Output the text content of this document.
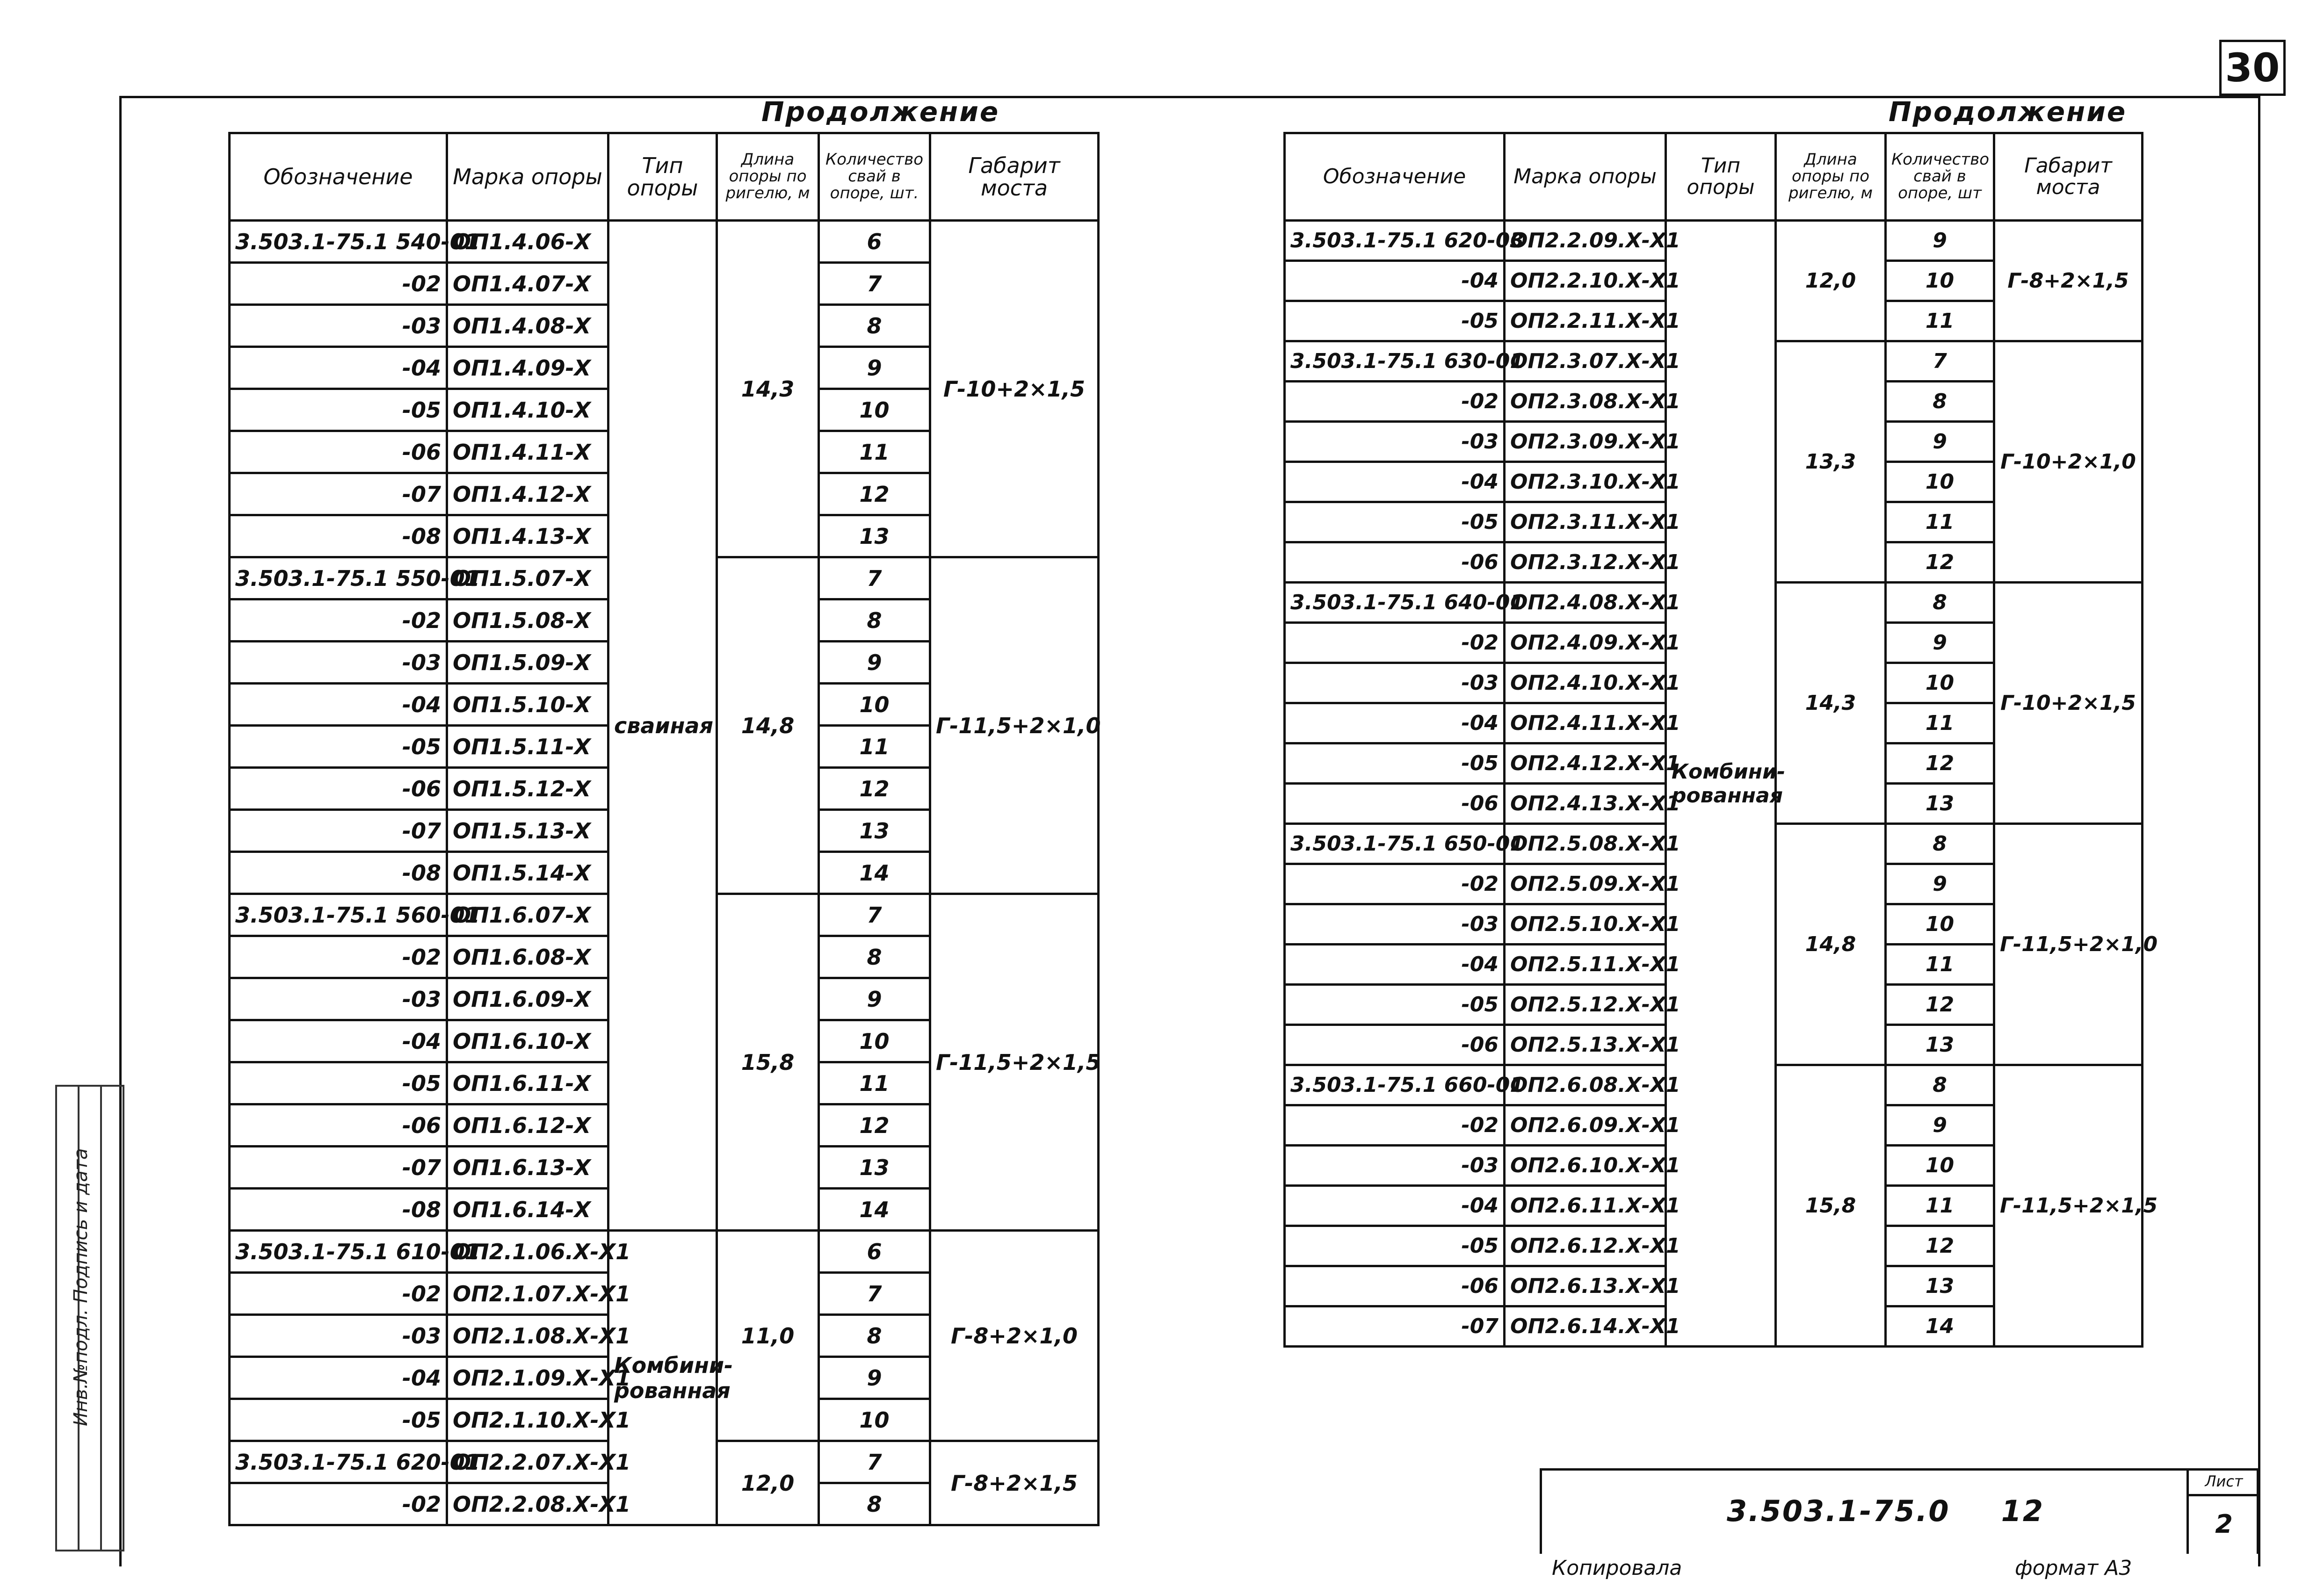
30
Инв.№подл. Подпись и дата
Продолжение
Обозначение	Марка опоры	Тип опоры	Длина опоры по ригелю, м	Количество свай в опоре, шт.	Габарит моста
3.503.1-75.1 540-01	ОП1.4.06-Х	сваиная	14,3	6	Г-10+2×1,5
-02	ОП1.4.07-Х			7	
-03	ОП1.4.08-Х			8	
-04	ОП1.4.09-Х			9	
-05	ОП1.4.10-Х			10	
-06	ОП1.4.11-Х			11	
-07	ОП1.4.12-Х			12	
-08	ОП1.4.13-Х			13	
3.503.1-75.1 550-01	ОП1.5.07-Х		14,8	7	Г-11,5+2×1,0
-02	ОП1.5.08-Х			8	
-03	ОП1.5.09-Х			9	
-04	ОП1.5.10-Х			10	
-05	ОП1.5.11-Х			11	
-06	ОП1.5.12-Х			12	
-07	ОП1.5.13-Х			13	
-08	ОП1.5.14-Х			14	
3.503.1-75.1 560-01	ОП1.6.07-Х		15,8	7	Г-11,5+2×1,5
-02	ОП1.6.08-Х			8	
-03	ОП1.6.09-Х			9	
-04	ОП1.6.10-Х			10	
-05	ОП1.6.11-Х			11	
-06	ОП1.6.12-Х			12	
-07	ОП1.6.13-Х			13	
-08	ОП1.6.14-Х			14	
3.503.1-75.1 610-01	ОП2.1.06.Х-Х1	Комбини-рованная	11,0	6	Г-8+2×1,0
-02	ОП2.1.07.Х-Х1			7	
-03	ОП2.1.08.Х-Х1			8	
-04	ОП2.1.09.Х-Х1			9	
-05	ОП2.1.10.Х-Х1			10	
3.503.1-75.1 620-01	ОП2.2.07.Х-Х1		12,0	7	Г-8+2×1,5
-02	ОП2.2.08.Х-Х1			8	
Продолжение
Обозначение	Марка опоры	Тип опоры	Длина опоры по ригелю, м	Количество свай в опоре, шт	Габарит моста
3.503.1-75.1 620-03	ОП2.2.09.Х-Х1	Комбини-рованная	12,0	9	Г-8+2×1,5
-04	ОП2.2.10.Х-Х1			10	
-05	ОП2.2.11.Х-Х1			11	
3.503.1-75.1 630-01	ОП2.3.07.Х-Х1		13,3	7	Г-10+2×1,0
-02	ОП2.3.08.Х-Х1			8	
-03	ОП2.3.09.Х-Х1			9	
-04	ОП2.3.10.Х-Х1			10	
-05	ОП2.3.11.Х-Х1			11	
-06	ОП2.3.12.Х-Х1			12	
3.503.1-75.1 640-01	ОП2.4.08.Х-Х1		14,3	8	Г-10+2×1,5
-02	ОП2.4.09.Х-Х1			9	
-03	ОП2.4.10.Х-Х1			10	
-04	ОП2.4.11.Х-Х1			11	
-05	ОП2.4.12.Х-Х1			12	
-06	ОП2.4.13.Х-Х1			13	
3.503.1-75.1 650-01	ОП2.5.08.Х-Х1		14,8	8	Г-11,5+2×1,0
-02	ОП2.5.09.Х-Х1			9	
-03	ОП2.5.10.Х-Х1			10	
-04	ОП2.5.11.Х-Х1			11	
-05	ОП2.5.12.Х-Х1			12	
-06	ОП2.5.13.Х-Х1			13	
3.503.1-75.1 660-01	ОП2.6.08.Х-Х1		15,8	8	Г-11,5+2×1,5
-02	ОП2.6.09.Х-Х1			9	
-03	ОП2.6.10.Х-Х1			10	
-04	ОП2.6.11.Х-Х1			11	
-05	ОП2.6.12.Х-Х1			12	
-06	ОП2.6.13.Х-Х1			13	
-07	ОП2.6.14.Х-Х1			14	
3.503.1-75.0 12
Лист
2
Копировала	формат А3
